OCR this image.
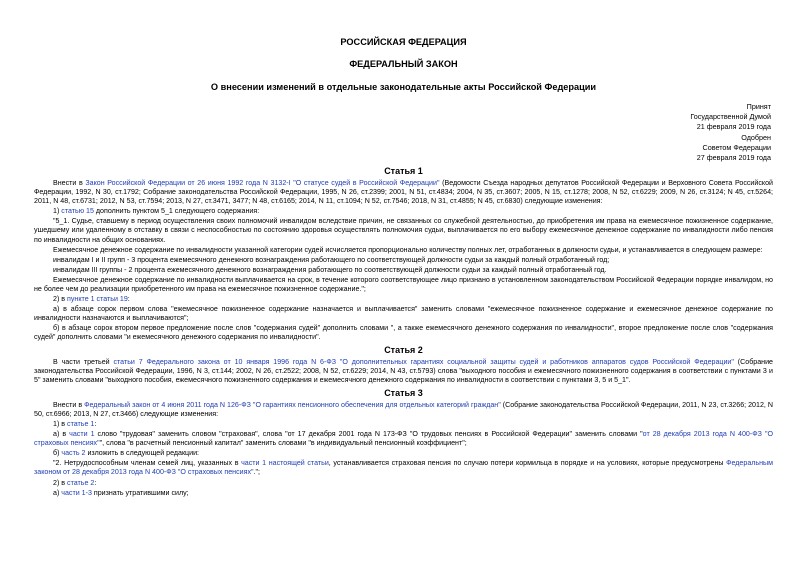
РОССИЙСКАЯ ФЕДЕРАЦИЯ
ФЕДЕРАЛЬНЫЙ ЗАКОН
О внесении изменений в отдельные законодательные акты Российской Федерации
Принят
Государственной Думой
21 февраля 2019 года
Одобрен
Советом Федерации
27 февраля 2019 года
Статья 1

Внести в Закон Российской Федерации от 26 июня 1992 года N 3132-I "О статусе судей в Российской Федерации" (Ведомости Съезда народных депутатов Российской Федерации и Верховного Совета Российской Федерации, 1992, N 30, ст.1792; Собрание законодательства Российской Федерации, 1995, N 26, ст.2399; 2001, N 51, ст.4834; 2004, N 35, ст.3607; 2005, N 15, ст.1278; 2008, N 52, ст.6229; 2009, N 26, ст.3124; N 45, ст.5264; 2011, N 48, ст.6731; 2012, N 53, ст.7594; 2013, N 27, ст.3471, 3477; N 48, ст.6165; 2014, N 11, ст.1094; N 52, ст.7546; 2018, N 31, ст.4855; N 45, ст.6830) следующие изменения:

1) статью 15 дополнить пунктом 5_1 следующего содержания:

"5_1. Судье, ставшему в период осуществления своих полномочий инвалидом вследствие причин, не связанных со служебной деятельностью, до приобретения им права на ежемесячное пожизненное содержание, ушедшему или удаленному в отставку в связи с неспособностью по состоянию здоровья осуществлять полномочия судьи, выплачивается по его выбору ежемесячное денежное содержание по инвалидности либо пенсия по инвалидности на общих основаниях.

Ежемесячное денежное содержание по инвалидности указанной категории судей исчисляется пропорционально количеству полных лет, отработанных в должности судьи, и устанавливается в следующем размере:

инвалидам I и II групп - 3 процента ежемесячного денежного вознаграждения работающего по соответствующей должности судьи за каждый полный отработанный год;

инвалидам III группы - 2 процента ежемесячного денежного вознаграждения работающего по соответствующей должности судьи за каждый полный отработанный год.

Ежемесячное денежное содержание по инвалидности выплачивается на срок, в течение которого соответствующее лицо признано в установленном законодательством Российской Федерации порядке инвалидом, но не более чем до реализации приобретенного им права на ежемесячное пожизненное содержание.";

2) в пункте 1 статьи 19:

а) в абзаце сорок первом слова "ежемесячное пожизненное содержание назначается и выплачивается" заменить словами "ежемесячное пожизненное содержание и ежемесячное денежное содержание по инвалидности назначаются и выплачиваются";

б) в абзаце сорок втором первое предложение после слов "содержания судей" дополнить словами ", а также ежемесячного денежного содержания по инвалидности", второе предложение после слов "содержания судей" дополнить словами "и ежемесячного денежного содержания по инвалидности".

Статья 2

В части третьей статьи 7 Федерального закона от 10 января 1996 года N 6-ФЗ "О дополнительных гарантиях социальной защиты судей и работников аппаратов судов Российской Федерации" (Собрание законодательства Российской Федерации, 1996, N 3, ст.144; 2002, N 26, ст.2522; 2008, N 52, ст.6229; 2014, N 43, ст.5793) слова "выходного пособия и ежемесячного пожизненного содержания в соответствии с пунктами 3 и 5" заменить словами "выходного пособия, ежемесячного пожизненного содержания и ежемесячного денежного содержания по инвалидности в соответствии с пунктами 3, 5 и 5_1".

Статья 3

Внести в Федеральный закон от 4 июня 2011 года N 126-ФЗ "О гарантиях пенсионного обеспечения для отдельных категорий граждан" (Собрание законодательства Российской Федерации, 2011, N 23, ст.3266; 2012, N 50, ст.6966; 2013, N 27, ст.3466) следующие изменения:

1) в статье 1:

а) в части 1 слово "трудовая" заменить словом "страховая", слова "от 17 декабря 2001 года N 173-ФЗ "О трудовых пенсиях в Российской Федерации" заменить словами "от 28 декабря 2013 года N 400-ФЗ "О страховых пенсиях"", слова "в расчетный пенсионный капитал" заменить словами "в индивидуальный пенсионный коэффициент";

б) часть 2 изложить в следующей редакции:

"2. Нетрудоспособным членам семей лиц, указанных в части 1 настоящей статьи, устанавливается страховая пенсия по случаю потери кормильца в порядке и на условиях, которые предусмотрены Федеральным законом от 28 декабря 2013 года N 400-ФЗ "О страховых пенсиях".";

2) в статье 2:

а) части 1-3 признать утратившими силу;
